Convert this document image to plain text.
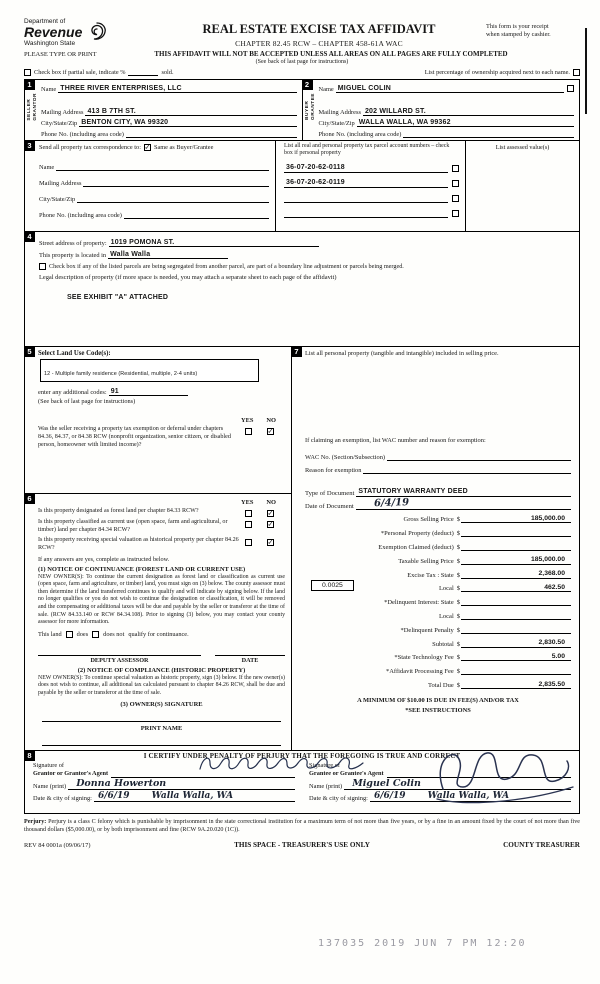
Department of
Revenue
Washington State
REAL ESTATE EXCISE TAX AFFIDAVIT
CHAPTER 82.45 RCW – CHAPTER 458-61A WAC
This form is your receipt
when stamped by cashier.
PLEASE TYPE OR PRINT	THIS AFFIDAVIT WILL NOT BE ACCEPTED UNLESS ALL AREAS ON ALL PAGES ARE FULLY COMPLETED
(See back of last page for instructions)
Check box if partial sale, indicate %	sold.	List percentage of ownership acquired next to each name.
1
SELLER GRANTOR
Name THREE RIVER ENTERPRISES, LLC
Mailing Address 413 B 7TH ST.
City/State/Zip BENTON CITY, WA 99320
Phone No. (including area code)
2
BUYER GRANTEE
Name MIGUEL COLIN
Mailing Address 202 WILLARD ST.
City/State/Zip WALLA WALLA, WA 99362
Phone No. (including area code)
3	Send all property tax correspondence to: ✓ Same as Buyer/Grantee
Name
Mailing Address
City/State/Zip
Phone No. (including area code)
List all real and personal property tax parcel account numbers – check box if personal property
36-07-20-62-0118
36-07-20-62-0119
List assessed value(s)
4
Street address of property: 1019 POMONA ST.
This property is located in Walla Walla
Check box if any of the listed parcels are being segregated from another parcel, are part of a boundary line adjustment or parcels being merged.
Legal description of property (if more space is needed, you may attach a separate sheet to each page of the affidavit)
SEE EXHIBIT "A" ATTACHED
5 Select Land Use Code(s):
12 - Multiple family residence (Residential, multiple, 2-4 units)
enter any additional codes: 91
(See back of last page for instructions)
YES NO
Was the seller receiving a property tax exemption or deferral under chapters 84.36, 84.37, or 84.38 RCW (nonprofit organization, senior citizen, or disabled person, homeowner with limited income)?
✓
6	YES NO
Is this property designated as forest land per chapter 84.33 RCW?	✓
Is this property classified as current use (open space, farm and agricultural, or timber) land per chapter 84.34 RCW?
✓
Is this property receiving special valuation as historical property per chapter 84.26 RCW?
✓
If any answers are yes, complete as instructed below.
(1) NOTICE OF CONTINUANCE (FOREST LAND OR CURRENT USE)
NEW OWNER(S): To continue the current designation as forest land or classification as current use (open space, farm and agriculture, or timber) land, you must sign on (3) below. The county assessor must then determine if the land transferred continues to qualify and will indicate by signing below. If the land no longer qualifies or you do not wish to continue the designation or classification, it will be removed and the compensating or additional taxes will be due and payable by the seller or transferor at the time of sale. (RCW 84.33.140 or RCW 84.34.108). Prior to signing (3) below, you may contact your county assessor for more information.
This land does does not qualify for continuance.
DEPUTY ASSESSOR	DATE
(2) NOTICE OF COMPLIANCE (HISTORIC PROPERTY)
NEW OWNER(S): To continue special valuation as historic property, sign (3) below. If the new owner(s) does not wish to continue, all additional tax calculated pursuant to chapter 84.26 RCW, shall be due and payable by the seller or transferor at the time of sale.
(3) OWNER(S) SIGNATURE
PRINT NAME
7	List all personal property (tangible and intangible) included in selling price.
If claiming an exemption, list WAC number and reason for exemption:
WAC No. (Section/Subsection)
Reason for exemption
Type of Document STATUTORY WARRANTY DEED
Date of Document	6/4/19
Gross Selling Price $	185,000.00
*Personal Property (deduct) $
Exemption Claimed (deduct) $
Taxable Selling Price $	185,000.00
Excise Tax : State $	2,368.00
0.0025	Local $	462.50
*Delinquent Interest: State $
Local $
*Delinquent Penalty $
Subtotal $	2,830.50
*State Technology Fee $	5.00
*Affidavit Processing Fee $
Total Due $	2,835.50
A MINIMUM OF $10.00 IS DUE IN FEE(S) AND/OR TAX
*SEE INSTRUCTIONS
8	I CERTIFY UNDER PENALTY OF PERJURY THAT THE FOREGOING IS TRUE AND CORRECT
Signature of
Grantor or Grantor's Agent
Name (print)	Donna Howerton
Date & city of signing: 6/6/19	Walla Walla, WA
Signature of
Grantee or Grantee's Agent
Name (print)	Miguel Colin
Date & city of signing: 6/6/19	Walla Walla, WA
Perjury: Perjury is a class C felony which is punishable by imprisonment in the state correctional institution for a maximum term of not more than five years, or by a fine in an amount fixed by the court of not more than five thousand dollars ($5,000.00), or by both imprisonment and fine (RCW 9A.20.020 (1C)).
REV 84 0001a (09/06/17)	THIS SPACE - TREASURER'S USE ONLY	COUNTY TREASURER
137035 2019 JUN 7 PM 12:20
